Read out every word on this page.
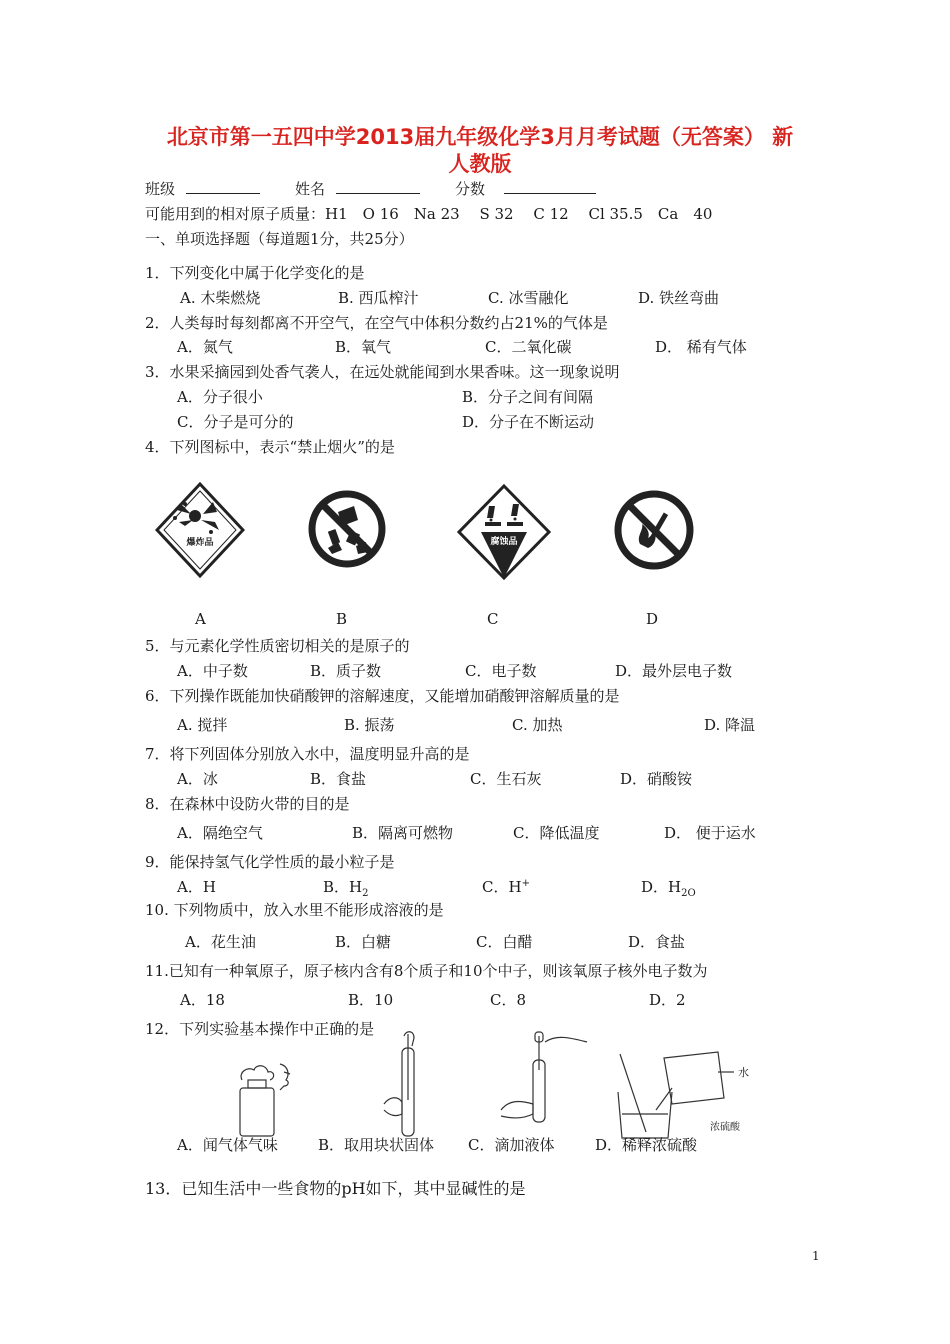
北京市第一五四中学2013届九年级化学3月月考试题（无答案） 新
人教版
班级	姓名	分数
可能用到的相对原子质量：H1　O 16　Na 23　 S 32　 C 12　 Cl 35.5　Ca　40
一、单项选择题（每道题1分，共25分）
1．下列变化中属于化学变化的是
A. 木柴燃烧	B. 西瓜榨汁	C. 冰雪融化	D. 铁丝弯曲
2．人类每时每刻都离不开空气，在空气中体积分数约占21%的气体是
A．氮气	B．氧气	C．二氧化碳	D． 稀有气体
3．水果采摘园到处香气袭人，在远处就能闻到水果香味。这一现象说明
A．分子很小	B．分子之间有间隔
C．分子是可分的	D．分子在不断运动
4．下列图标中，表示“禁止烟火”的是
爆炸品	腐蚀品
A	B	C	D
5．与元素化学性质密切相关的是原子的
A．中子数	B．质子数	C．电子数	D．最外层电子数
6．下列操作既能加快硝酸钾的溶解速度，又能增加硝酸钾溶解质量的是
A. 搅拌	B. 振荡	C. 加热	D. 降温
7．将下列固体分别放入水中，温度明显升高的是
A．冰	B．食盐	C．生石灰	D．硝酸铵
8．在森林中设防火带的目的是
A．隔绝空气	B．隔离可燃物	C．降低温度	D． 便于运水
9．能保持氢气化学性质的最小粒子是
A．H	B．$H_2$	C．H+	D．$H_{2O}$
10. 下列物质中，放入水里不能形成溶液的是
A．花生油	B．白糖	C．白醋	D．食盐
11.已知有一种氧原子，原子核内含有8个质子和10个中子，则该氧原子核外电子数为
A．18	B．10	C．8	D．2
12．下列实验基本操作中正确的是
水
浓硫酸
A．闻气体气味	B．取用块状固体 C．滴加液体	D．稀释浓硫酸
13．已知生活中一些食物的pH如下，其中显碱性的是
1
